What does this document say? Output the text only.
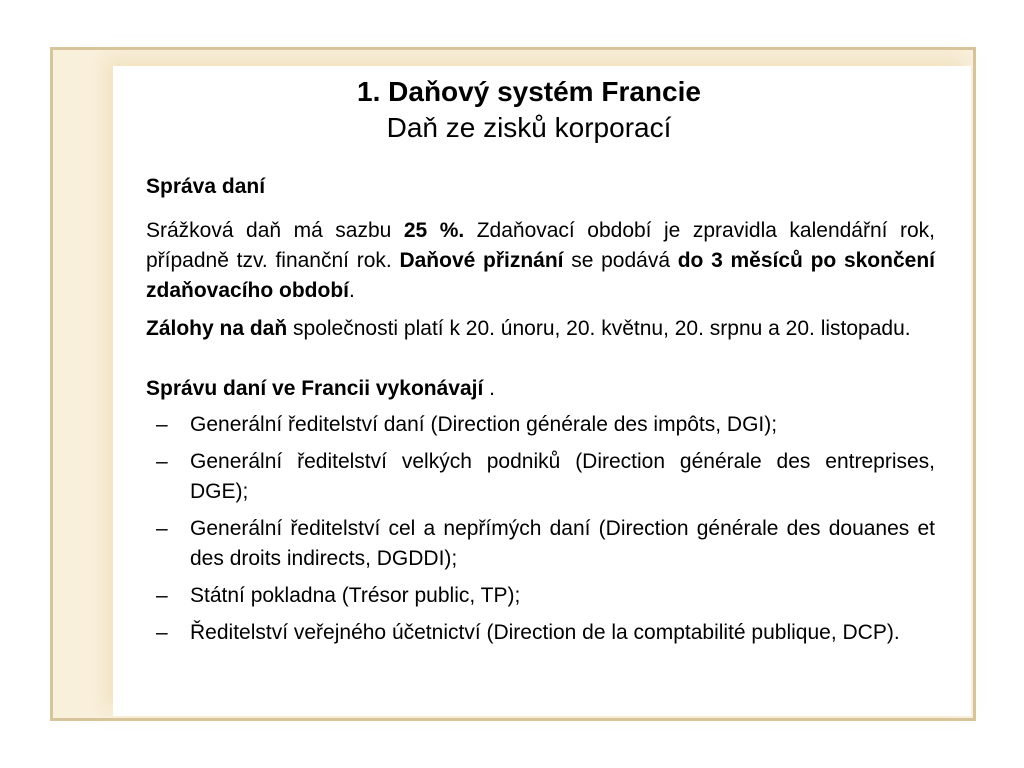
1. Daňový systém Francie
Daň ze zisků korporací
Správa daní

Srážková daň má sazbu 25 %. Zdaňovací období je zpravidla kalendářní rok, případně tzv. finanční rok. Daňové přiznání se podává do 3 měsíců po skončení zdaňovacího období.

Zálohy na daň společnosti platí k 20. únoru, 20. květnu, 20. srpnu a 20. listopadu.

Správu daní ve Francii vykonávají .
– Generální ředitelství daní (Direction générale des impôts, DGI);
– Generální ředitelství velkých podniků (Direction générale des entreprises, DGE);
– Generální ředitelství cel a nepřímých daní (Direction générale des douanes et des droits indirects, DGDDI);
– Státní pokladna (Trésor public, TP);
– Ředitelství veřejného účetnictví (Direction de la comptabilité publique, DCP).
